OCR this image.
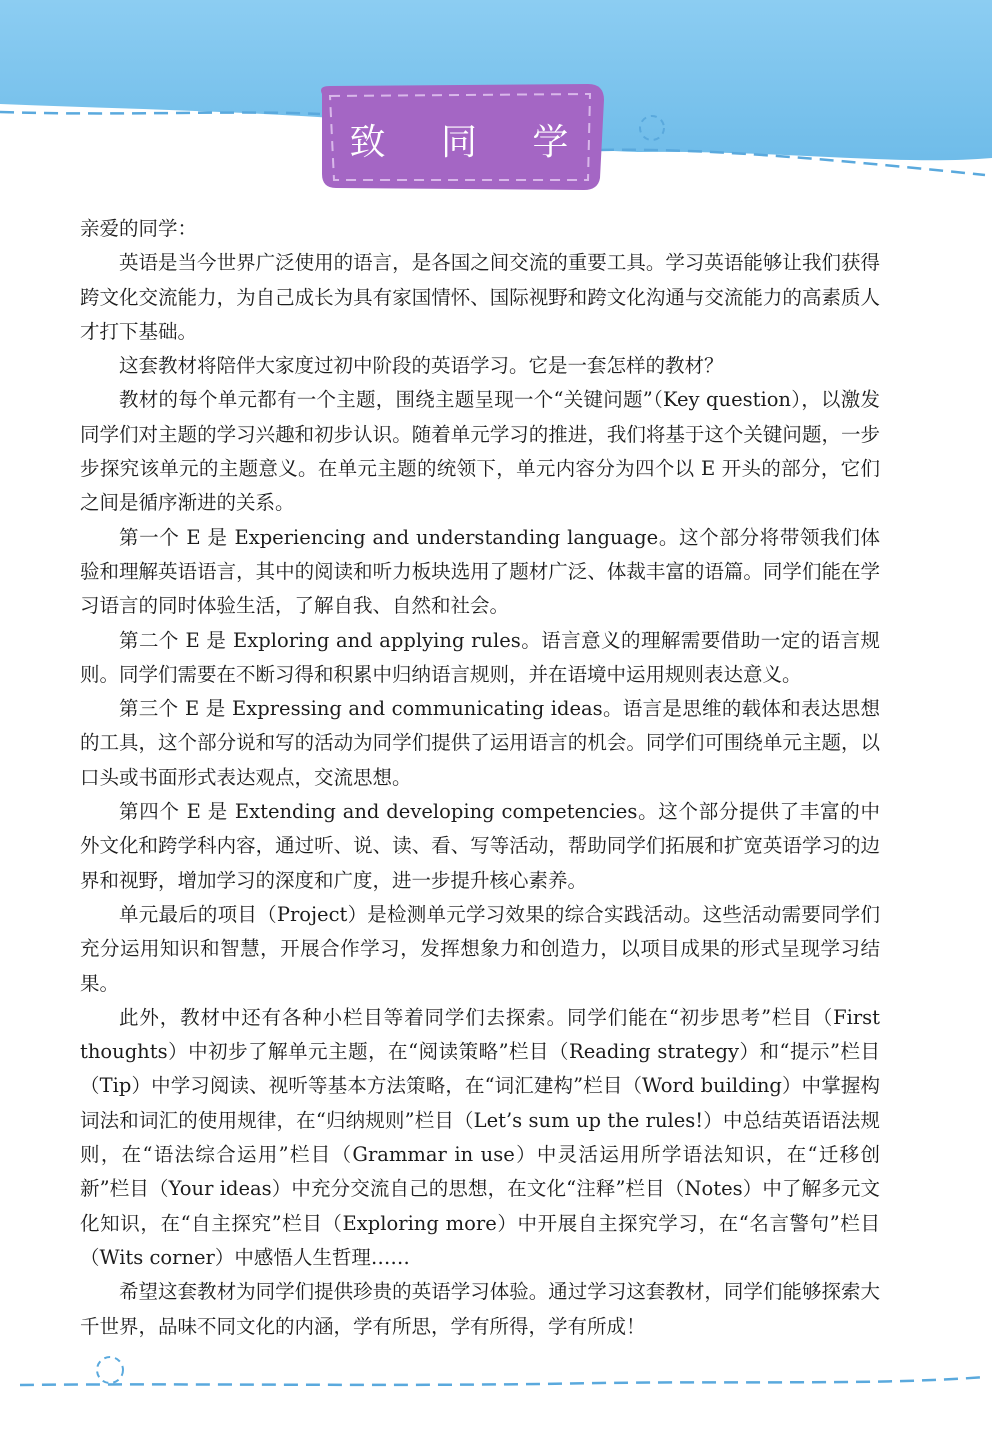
致 同 学

亲爱的同学：

英语是当今世界广泛使用的语言，是各国之间交流的重要工具。学习英语能够让我们获得跨文化交流能力，为自己成长为具有家国情怀、国际视野和跨文化沟通与交流能力的高素质人才打下基础。

这套教材将陪伴大家度过初中阶段的英语学习。它是一套怎样的教材？

教材的每个单元都有一个主题，围绕主题呈现一个“关键问题”（Key question），以激发同学们对主题的学习兴趣和初步认识。随着单元学习的推进，我们将基于这个关键问题，一步步探究该单元的主题意义。在单元主题的统领下，单元内容分为四个以 E 开头的部分，它们之间是循序渐进的关系。

第一个 E 是 Experiencing and understanding language。这个部分将带领我们体验和理解英语语言，其中的阅读和听力板块选用了题材广泛、体裁丰富的语篇。同学们能在学习语言的同时体验生活，了解自我、自然和社会。

第二个 E 是 Exploring and applying rules。语言意义的理解需要借助一定的语言规则。同学们需要在不断习得和积累中归纳语言规则，并在语境中运用规则表达意义。

第三个 E 是 Expressing and communicating ideas。语言是思维的载体和表达思想的工具，这个部分说和写的活动为同学们提供了运用语言的机会。同学们可围绕单元主题，以口头或书面形式表达观点，交流思想。

第四个 E 是 Extending and developing competencies。这个部分提供了丰富的中外文化和跨学科内容，通过听、说、读、看、写等活动，帮助同学们拓展和扩宽英语学习的边界和视野，增加学习的深度和广度，进一步提升核心素养。

单元最后的项目（Project）是检测单元学习效果的综合实践活动。这些活动需要同学们充分运用知识和智慧，开展合作学习，发挥想象力和创造力，以项目成果的形式呈现学习结果。

此外，教材中还有各种小栏目等着同学们去探索。同学们能在“初步思考”栏目（First thoughts）中初步了解单元主题，在“阅读策略”栏目（Reading strategy）和“提示”栏目（Tip）中学习阅读、视听等基本方法策略，在“词汇建构”栏目（Word building）中掌握构词法和词汇的使用规律，在“归纳规则”栏目（Let’s sum up the rules!）中总结英语语法规则，在“语法综合运用”栏目（Grammar in use）中灵活运用所学语法知识，在“迁移创新”栏目（Your ideas）中充分交流自己的思想，在文化“注释”栏目（Notes）中了解多元文化知识，在“自主探究”栏目（Exploring more）中开展自主探究学习，在“名言警句”栏目（Wits corner）中感悟人生哲理……

希望这套教材为同学们提供珍贵的英语学习体验。通过学习这套教材，同学们能够探索大千世界，品味不同文化的内涵，学有所思，学有所得，学有所成！
